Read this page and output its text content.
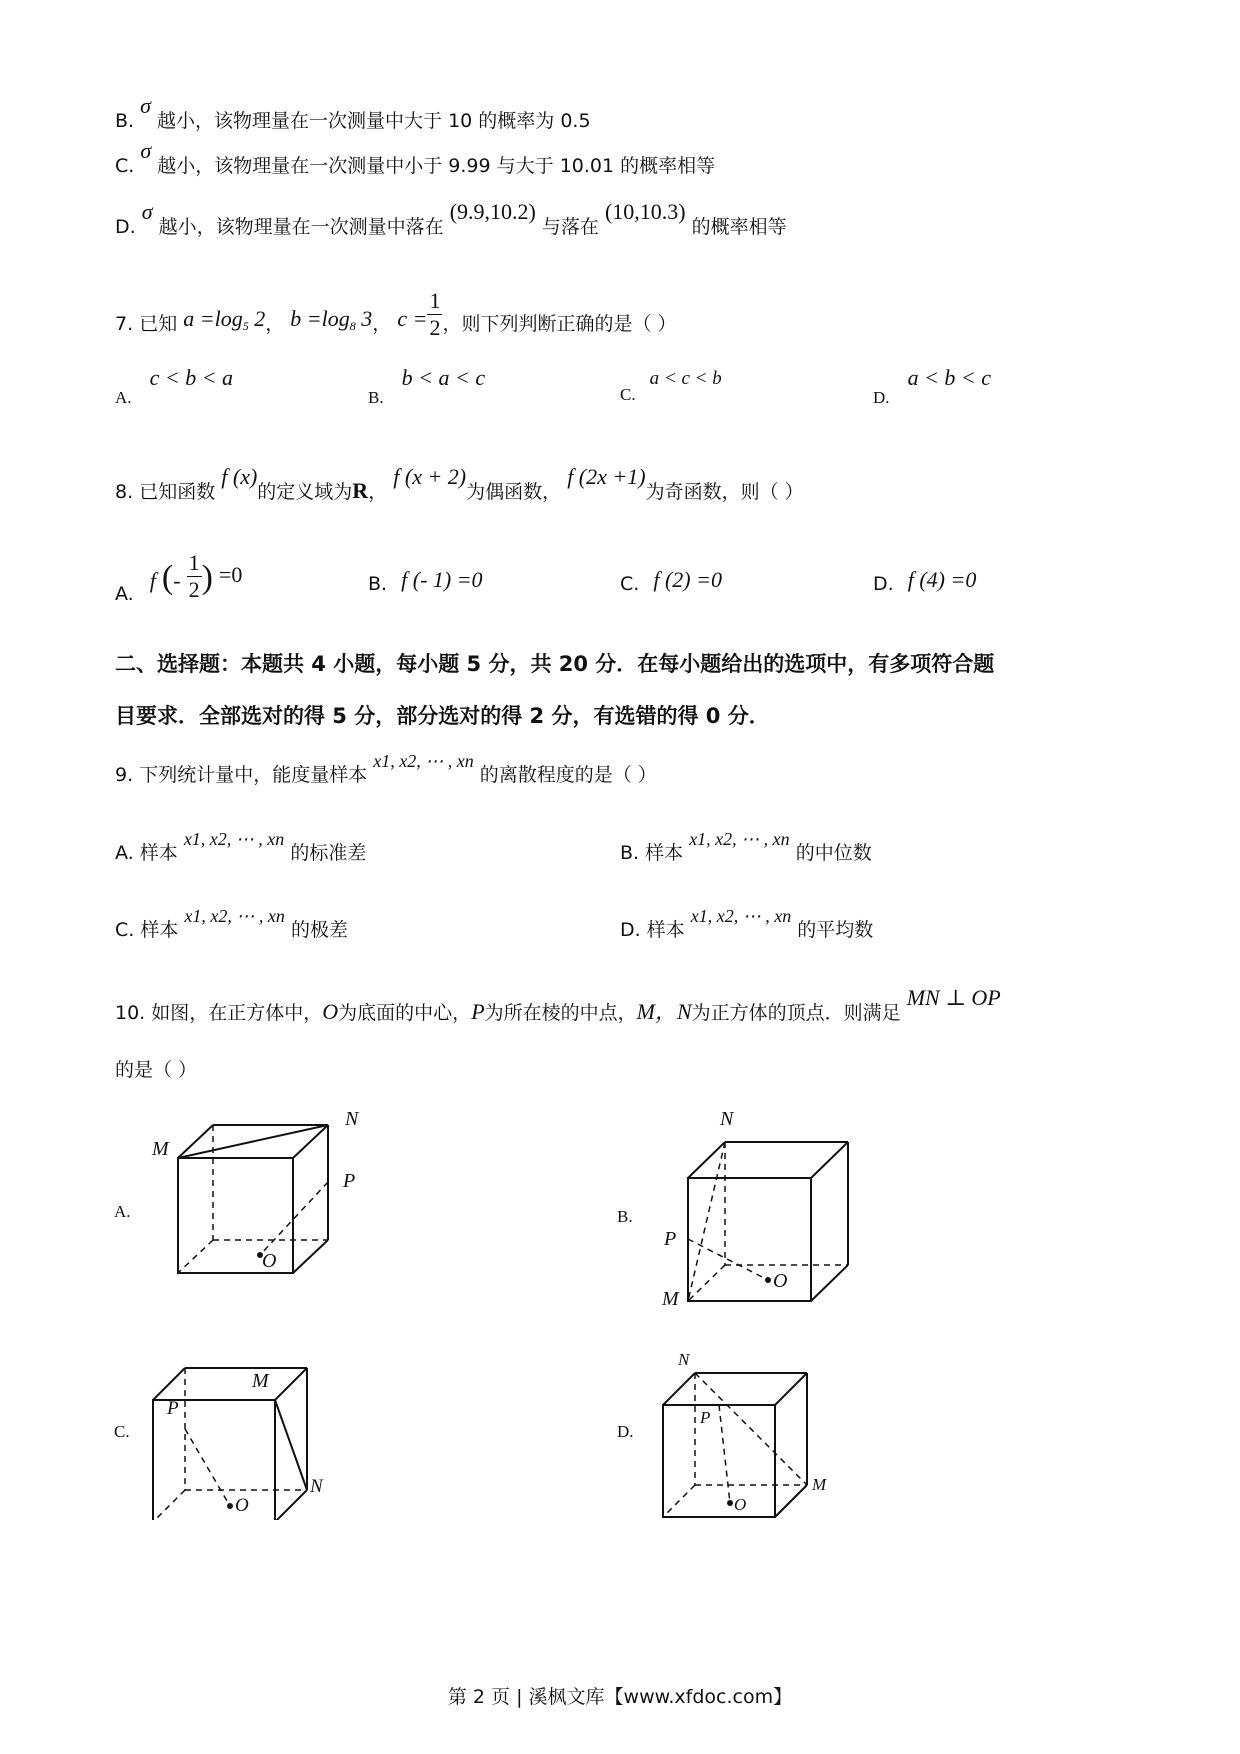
B. σ 越小，该物理量在一次测量中大于 10 的概率为 0.5
C. σ 越小，该物理量在一次测量中小于 9.99 与大于 10.01 的概率相等
D. σ 越小，该物理量在一次测量中落在 (9.9,10.2) 与落在 (10,10.3) 的概率相等
7. 已知 $a =\log_5$ 2， $b =\log_8$ 3， $c = \frac{1}{2}$ ，则下列判断正确的是（ ）
A. c < b < a
B. b < a < c
C. a < c < b
D. a < b < c
8. 已知函数 f (x)的定义域为R， f (x + 2)为偶函数， f (2x +1)为奇函数，则（ ）
A. f (- $\frac{1}{2}$ ) =0	B. f (- 1) =0	C. f (2) =0	D. f (4) =0
二、选择题：本题共 4 小题，每小题 5 分，共 20 分．在每小题给出的选项中，有多项符合题
目要求．全部选对的得 5 分，部分选对的得 2 分，有选错的得 0 分．
9. 下列统计量中，能度量样本 x1, x2, ⋯ , xn 的离散程度的是（ ）
A. 样本 x1, x2, ⋯ , xn 的标准差	B. 样本 x1, x2, ⋯ , xn 的中位数
C. 样本 x1, x2, ⋯ , xn 的极差	D. 样本 x1, x2, ⋯ , xn 的平均数
10. 如图，在正方体中，O为底面的中心，P为所在棱的中点，M，N为正方体的顶点．则满足 MN ⊥ OP
的是（ ）
A.
M
N
P
O
B.
N
P
M
O
C.
P
M
N
O
D.
N
P
M
O
第 2 页 | 溪枫文库【www.xfdoc.com】
